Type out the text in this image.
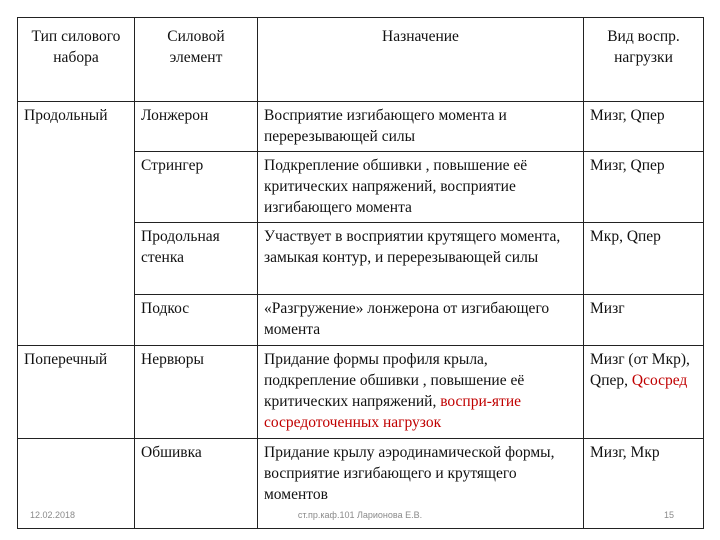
Тип силового набора	Силовой элемент	Назначение	Вид воспр. нагрузки
Продольный	Лонжерон	Восприятие изгибающего момента и перерезывающей силы	Мизг, Qпер
	Стрингер	Подкрепление обшивки , повышение её критических напряжений, восприятие изгибающего момента	Мизг, Qпер
	Продольная стенка	Участвует в восприятии крутящего момента, замыкая контур, и перерезывающей силы	Мкр, Qпер
	Подкос	«Разгружение» лонжерона от изгибающего момента	Мизг
Поперечный	Нервюры	Придание формы профиля крыла, подкрепление обшивки , повышение её критических напряжений, воспри-ятие сосредоточенных нагрузок	Мизг (от Мкр), Qпер, Qсосред
	Обшивка	Придание крылу аэродинамической формы, восприятие изгибающего и крутящего моментов	Мизг, Мкр
12.02.2018	ст.пр.каф.101 Ларионова Е.В.	15
